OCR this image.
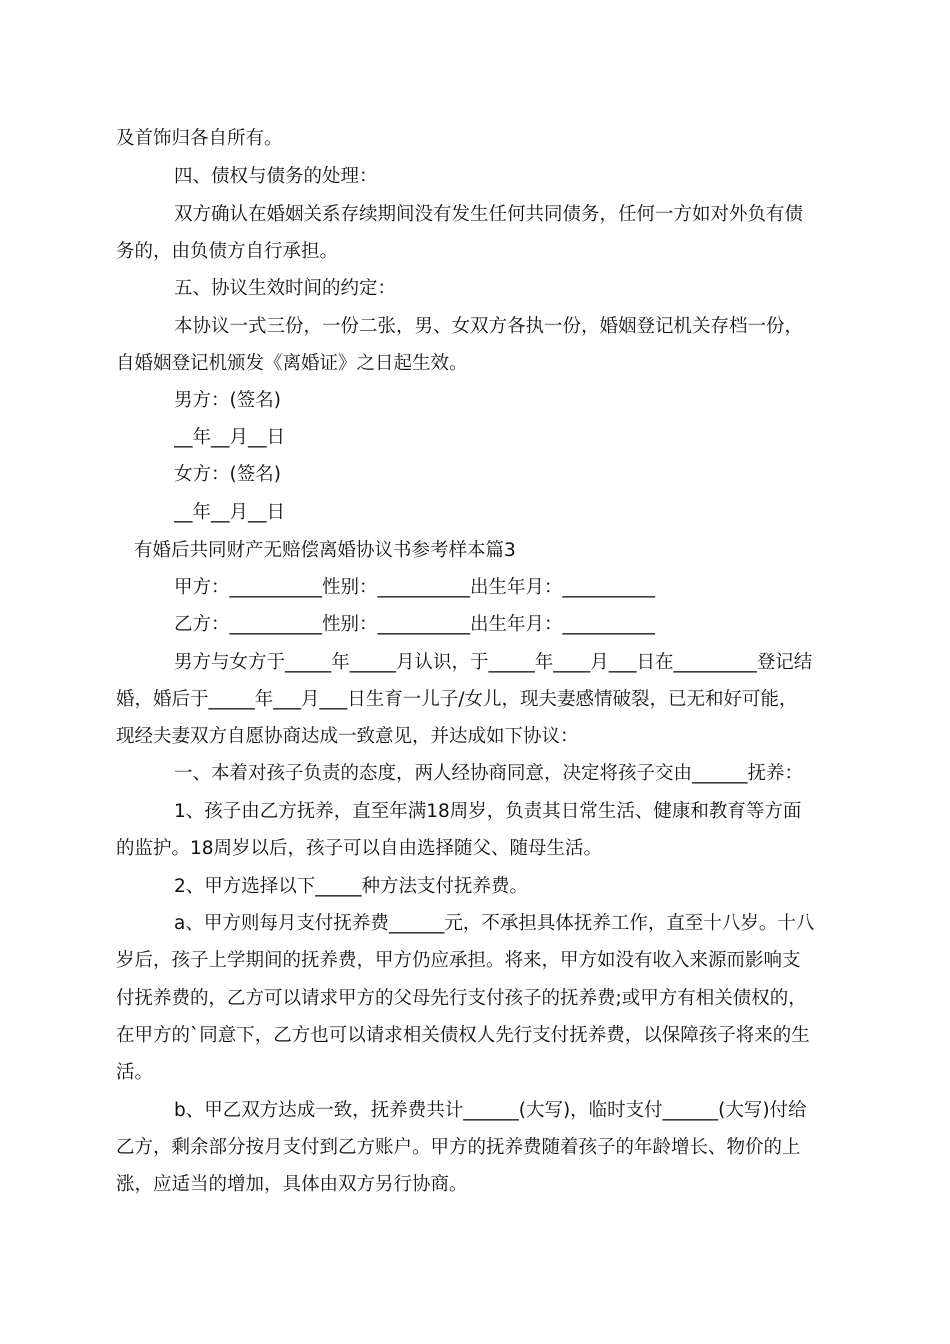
及首饰归各自所有。
四、债权与债务的处理：
双方确认在婚姻关系存续期间没有发生任何共同债务，任何一方如对外负有债
务的，由负债方自行承担。
五、协议生效时间的约定：
本协议一式三份，一份二张，男、女双方各执一份，婚姻登记机关存档一份，
自婚姻登记机颁发《离婚证》之日起生效。
男方：(签名)
__年__月__日
女方：(签名)
__年__月__日
有婚后共同财产无赔偿离婚协议书参考样本篇3
甲方：__________性别：__________出生年月：__________
乙方：__________性别：__________出生年月：__________
男方与女方于_____年_____月认识，于_____年____月___日在_________登记结
婚，婚后于_____年___月___日生育一儿子/女儿，现夫妻感情破裂，已无和好可能，
现经夫妻双方自愿协商达成一致意见，并达成如下协议：
一、本着对孩子负责的态度，两人经协商同意，决定将孩子交由______抚养：
1、孩子由乙方抚养，直至年满18周岁，负责其日常生活、健康和教育等方面
的监护。18周岁以后，孩子可以自由选择随父、随母生活。
2、甲方选择以下_____种方法支付抚养费。
a、甲方则每月支付抚养费______元，不承担具体抚养工作，直至十八岁。十八
岁后，孩子上学期间的抚养费，甲方仍应承担。将来，甲方如没有收入来源而影响支
付抚养费的，乙方可以请求甲方的父母先行支付孩子的抚养费;或甲方有相关债权的，
在甲方的`同意下，乙方也可以请求相关债权人先行支付抚养费，以保障孩子将来的生
活。
b、甲乙双方达成一致，抚养费共计______(大写)，临时支付______(大写)付给
乙方，剩余部分按月支付到乙方账户。甲方的抚养费随着孩子的年龄增长、物价的上
涨，应适当的增加，具体由双方另行协商。
